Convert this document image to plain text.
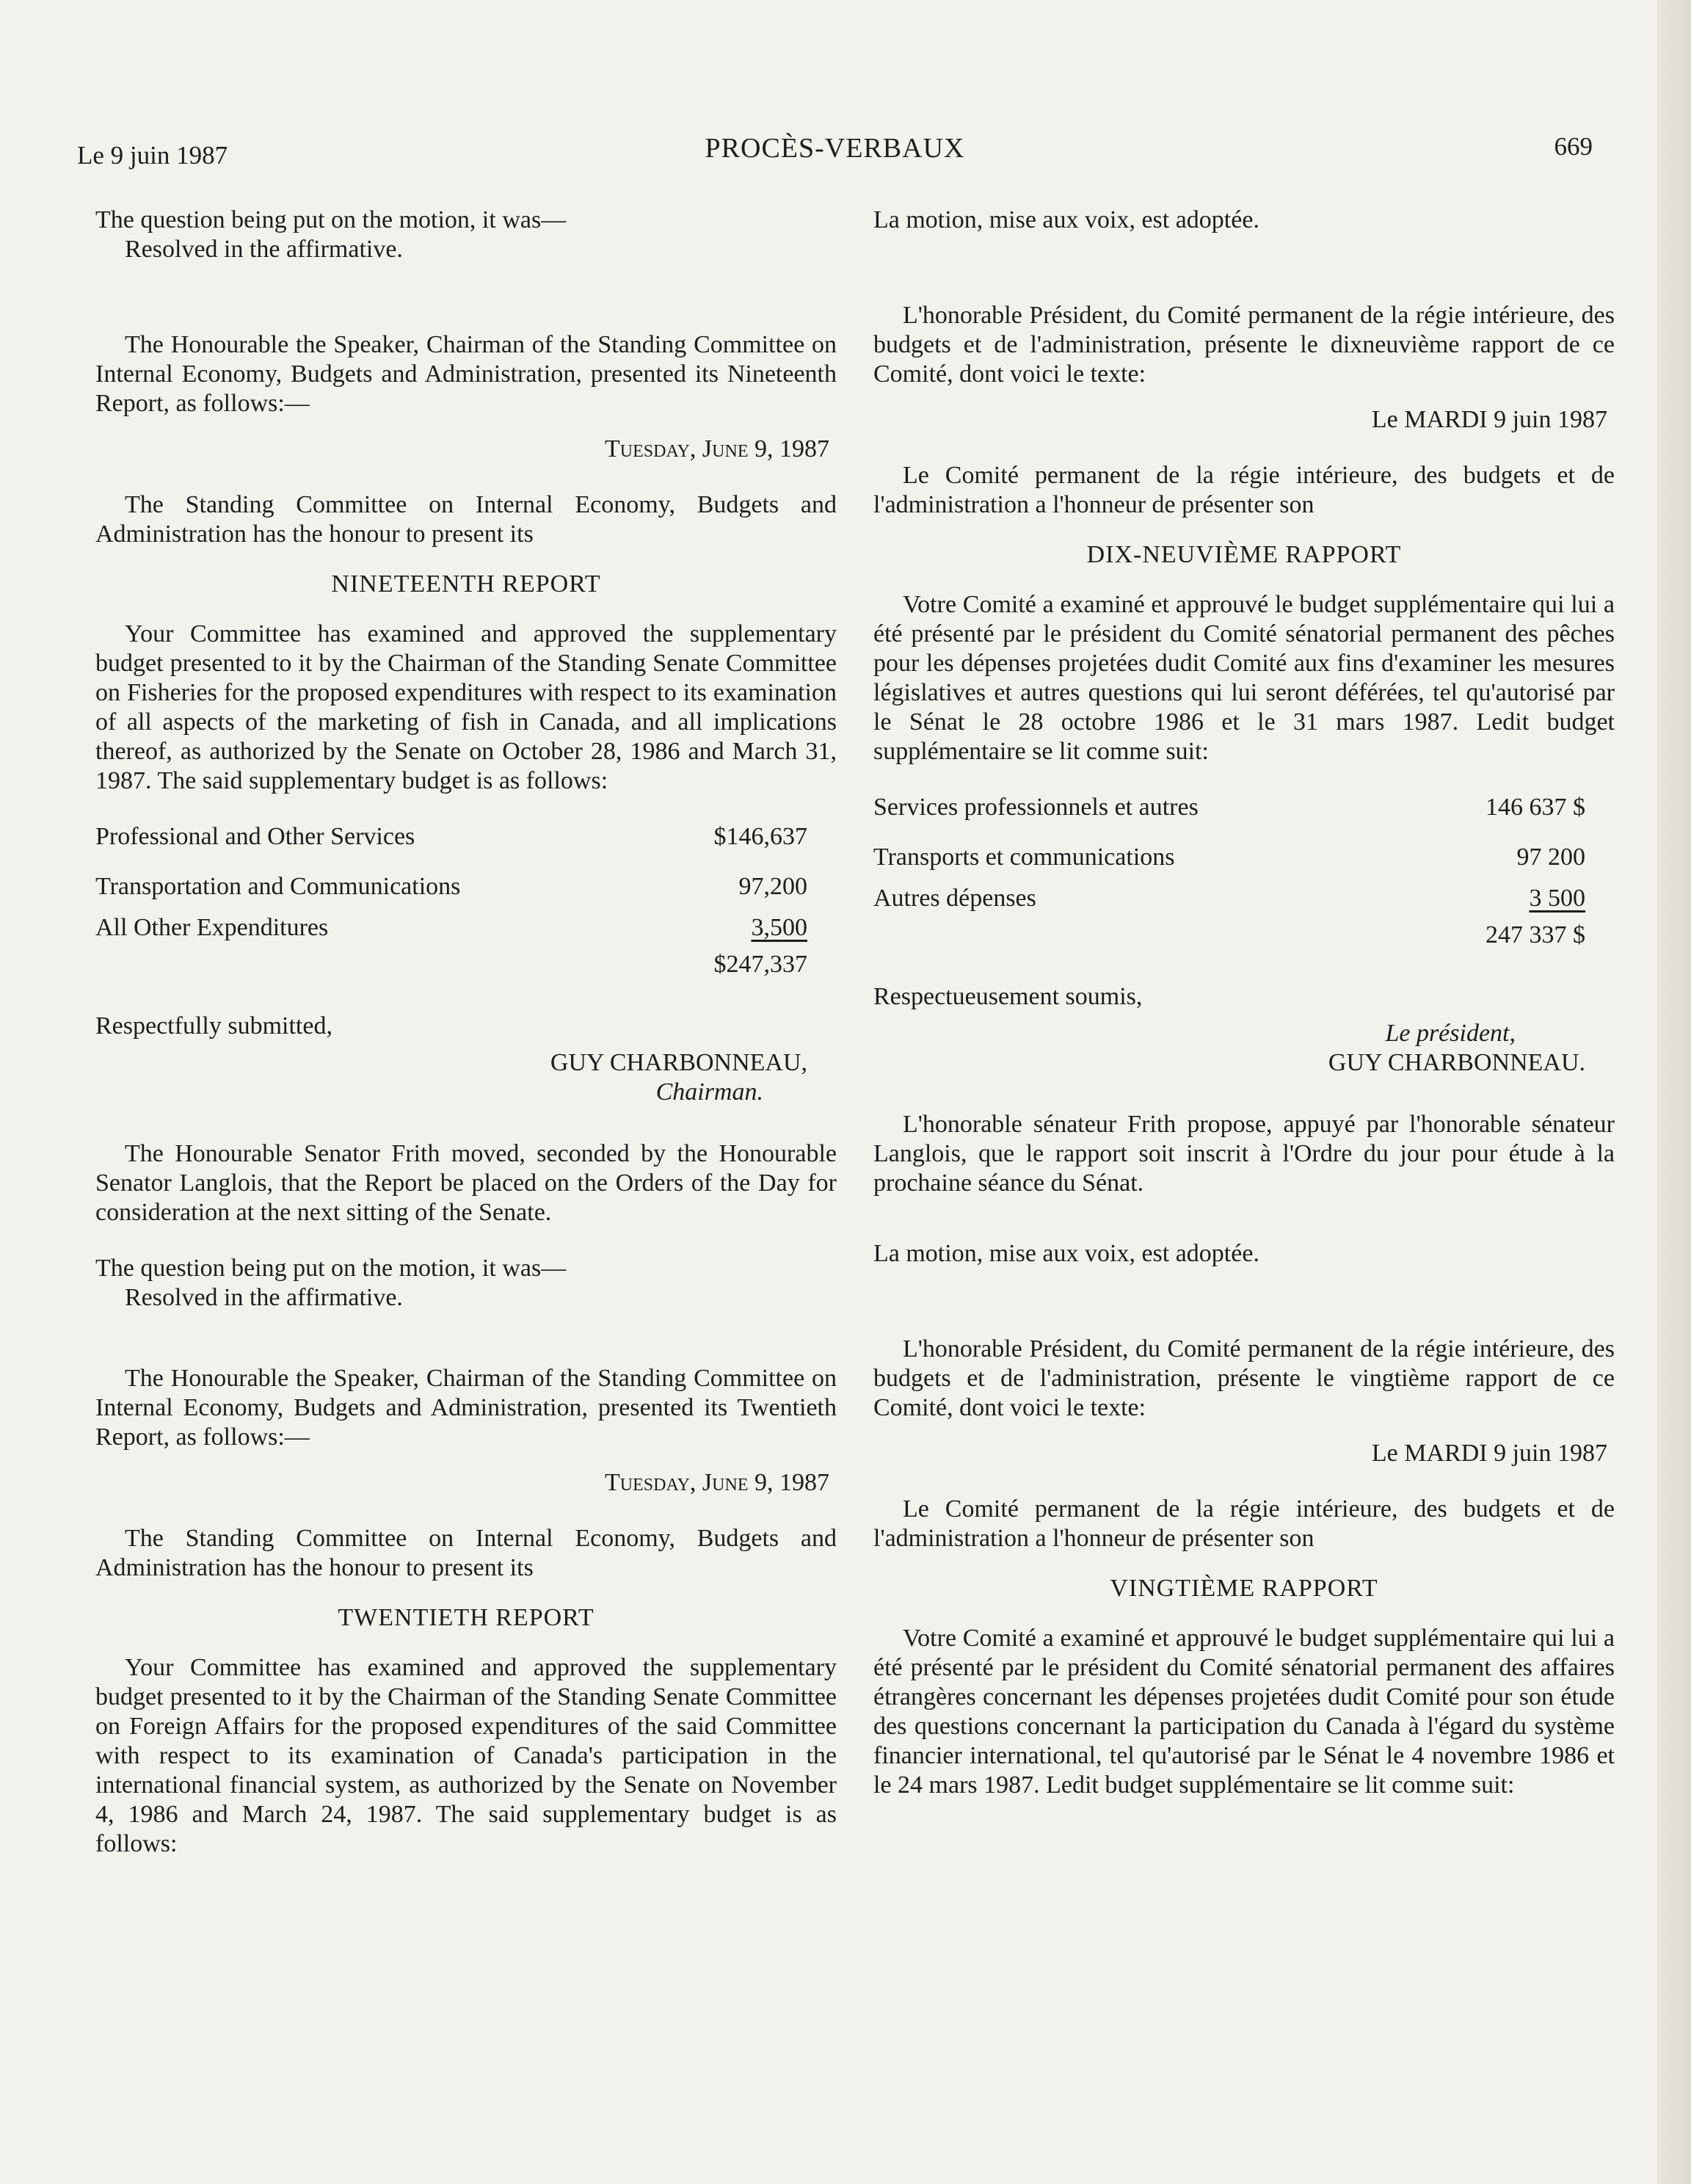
Le 9 juin 1987	PROCÈS-VERBAUX	669

The question being put on the motion, it was—

Resolved in the affirmative.

The Honourable the Speaker, Chairman of the Standing Committee on Internal Economy, Budgets and Administration, presented its Nineteenth Report, as follows:—

Tuesday, June 9, 1987

The Standing Committee on Internal Economy, Budgets and Administration has the honour to present its

NINETEENTH REPORT

Your Committee has examined and approved the supplementary budget presented to it by the Chairman of the Standing Senate Committee on Fisheries for the proposed expenditures with respect to its examination of all aspects of the marketing of fish in Canada, and all implications thereof, as authorized by the Senate on October 28, 1986 and March 31, 1987. The said supplementary budget is as follows:

Professional and Other Services	$146,637
Transportation and Communications	97,200
All Other Expenditures	3,500
$247,337

Respectfully submitted,

GUY CHARBONNEAU,

Chairman.

The Honourable Senator Frith moved, seconded by the Honourable Senator Langlois, that the Report be placed on the Orders of the Day for consideration at the next sitting of the Senate.

The question being put on the motion, it was—

Resolved in the affirmative.

The Honourable the Speaker, Chairman of the Standing Committee on Internal Economy, Budgets and Administration, presented its Twentieth Report, as follows:—

Tuesday, June 9, 1987

The Standing Committee on Internal Economy, Budgets and Administration has the honour to present its

TWENTIETH REPORT

Your Committee has examined and approved the supplementary budget presented to it by the Chairman of the Standing Senate Committee on Foreign Affairs for the proposed expenditures of the said Committee with respect to its examination of Canada's participation in the international financial system, as authorized by the Senate on November 4, 1986 and March 24, 1987. The said supplementary budget is as follows:

La motion, mise aux voix, est adoptée.

L'honorable Président, du Comité permanent de la régie intérieure, des budgets et de l'administration, présente le dixneuvième rapport de ce Comité, dont voici le texte:

Le MARDI 9 juin 1987

Le Comité permanent de la régie intérieure, des budgets et de l'administration a l'honneur de présenter son

DIX-NEUVIÈME RAPPORT

Votre Comité a examiné et approuvé le budget supplémentaire qui lui a été présenté par le président du Comité sénatorial permanent des pêches pour les dépenses projetées dudit Comité aux fins d'examiner les mesures législatives et autres questions qui lui seront déférées, tel qu'autorisé par le Sénat le 28 octobre 1986 et le 31 mars 1987. Ledit budget supplémentaire se lit comme suit:

Services professionnels et autres	146 637 $
Transports et communications	97 200
Autres dépenses	3 500
247 337 $

Respectueusement soumis,

Le président,

GUY CHARBONNEAU.

L'honorable sénateur Frith propose, appuyé par l'honorable sénateur Langlois, que le rapport soit inscrit à l'Ordre du jour pour étude à la prochaine séance du Sénat.

La motion, mise aux voix, est adoptée.

L'honorable Président, du Comité permanent de la régie intérieure, des budgets et de l'administration, présente le vingtième rapport de ce Comité, dont voici le texte:

Le MARDI 9 juin 1987

Le Comité permanent de la régie intérieure, des budgets et de l'administration a l'honneur de présenter son

VINGTIÈME RAPPORT

Votre Comité a examiné et approuvé le budget supplémentaire qui lui a été présenté par le président du Comité sénatorial permanent des affaires étrangères concernant les dépenses projetées dudit Comité pour son étude des questions concernant la participation du Canada à l'égard du système financier international, tel qu'autorisé par le Sénat le 4 novembre 1986 et le 24 mars 1987. Ledit budget supplémentaire se lit comme suit:
